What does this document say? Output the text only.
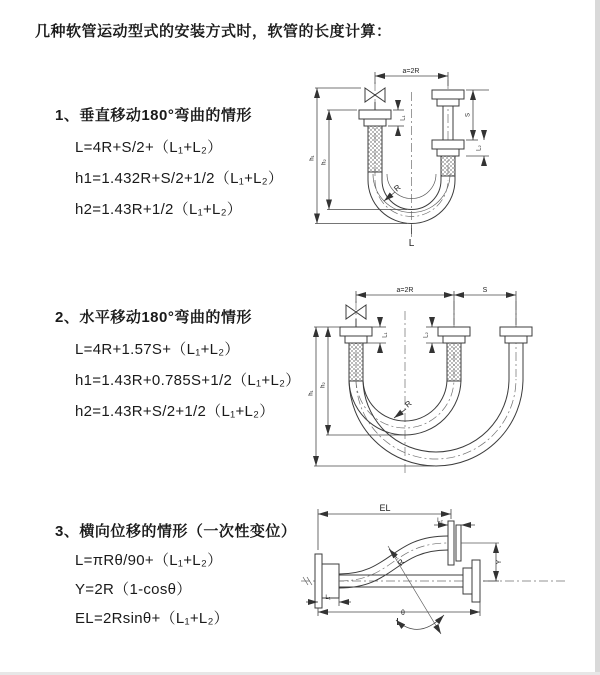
几种软管运动型式的安装方式时，软管的长度计算：
1、垂直移动180°弯曲的情形
L=4R+S/2+（L₁+L₂）
h1=1.432R+S/2+1/2（L₁+L₂）
h2=1.43R+1/2（L₁+L₂）
2、水平移动180°弯曲的情形
L=4R+1.57S+（L₁+L₂）
h1=1.43R+0.785S+1/2（L₁+L₂）
h2=1.43R+S/2+1/2（L₁+L₂）
3、横向位移的情形（一次性变位）
L=πRθ/90+（L₁+L₂）
Y=2R（1-cosθ）
EL=2Rsinθ+（L₁+L₂）
a=2R
h₁
h₂
L₁
S
L₂
R
L
a=2R	S
h₁
h₂
L₁	L₂
R
EL
L₂
Y
L₁
L
R
θ
